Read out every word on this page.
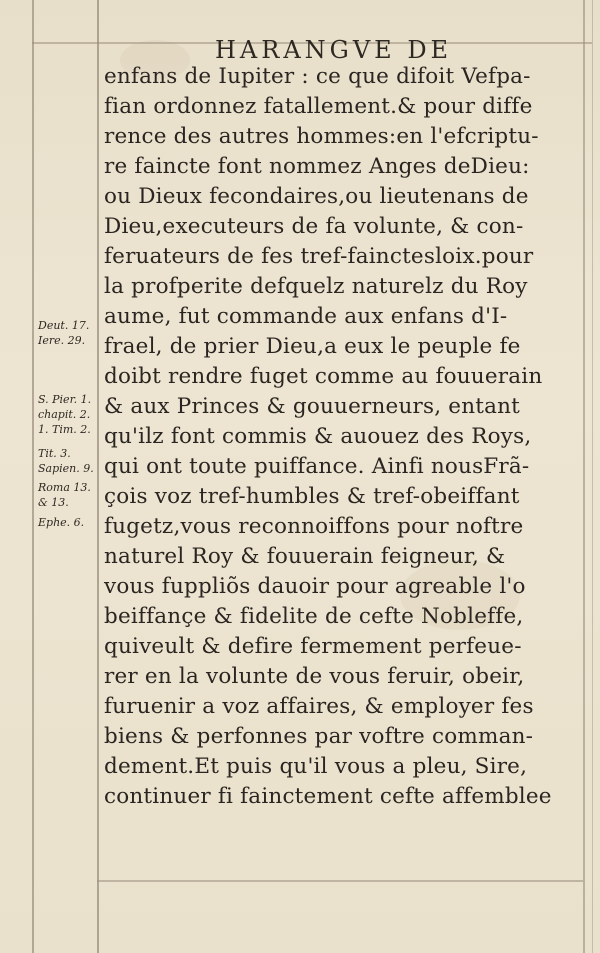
HARANGVE DE
enfans de Iupiter : ce que difoit Vefpa-
fian ordonnez fatallement.& pour diffe
rence des autres hommes:en l'efcriptu-
re faincte font nommez Anges deDieu:
ou Dieux fecondaires,ou lieutenans de
Dieu,executeurs de fa volunte, & con-
feruateurs de fes tref-fainctesloix.pour
la profperite defquelz naturelz du Roy
aume, fut commande aux enfans d'I-
frael, de prier Dieu,a eux le peuple fe
doibt rendre fuget comme au fouuerain
& aux Princes & gouuerneurs, entant
qu'ilz font commis & auouez des Roys,
qui ont toute puiffance. Ainfi nousFrã-
çois voz tref-humbles & tref-obeiffant
fugetz,vous reconnoiffons pour noftre
naturel Roy & fouuerain feigneur, &
vous fuppliõs dauoir pour agreable l'o
beiffançe & fidelite de cefte Nobleffe,
quiveult & defire fermement perfeue-
rer en la volunte de vous feruir, obeir,
furuenir a voz affaires, & employer fes
biens & perfonnes par voftre comman-
dement.Et puis qu'il vous a pleu, Sire,
continuer fi fainctement cefte affemblee
Deut. 17.
Iere. 29.
S. Pier. 1.
chapit. 2.
1. Tim. 2.
Tit. 3.
Sapien. 9.
Roma 13.
& 13.
Ephe. 6.
